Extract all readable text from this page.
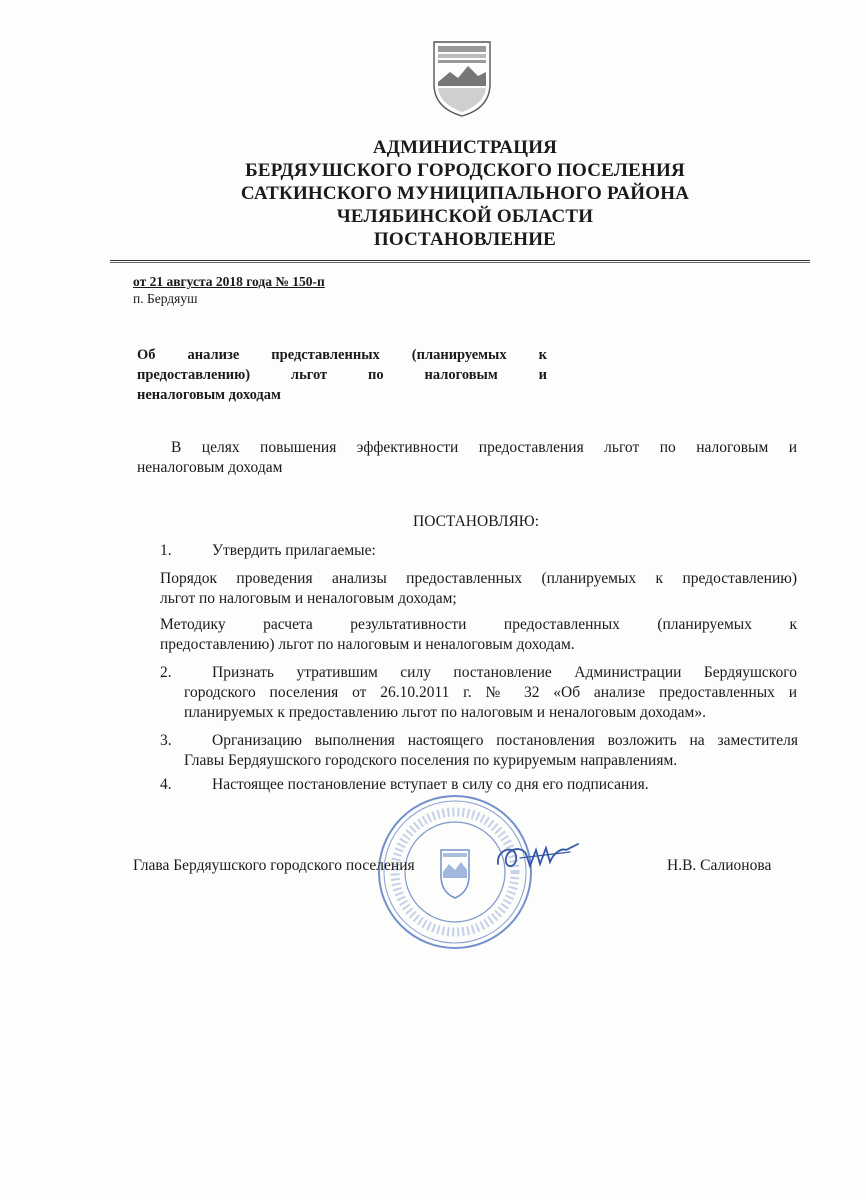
АДМИНИСТРАЦИЯ
БЕРДЯУШСКОГО ГОРОДСКОГО ПОСЕЛЕНИЯ
САТКИНСКОГО МУНИЦИПАЛЬНОГО РАЙОНА
ЧЕЛЯБИНСКОЙ ОБЛАСТИ
ПОСТАНОВЛЕНИЕ
от 21 августа 2018 года № 150-п
п. Бердяуш
Об анализе представленных (планируемых к
предоставлению) льгот по налоговым и
неналоговым доходам
В целях повышения эффективности предоставления льгот по налоговым и
неналоговым доходам
ПОСТАНОВЛЯЮ:
1.	Утвердить прилагаемые:
Порядок проведения анализы предоставленных (планируемых к предоставлению)
льгот по налоговым и неналоговым доходам;
Методику расчета результативности предоставленных (планируемых к
предоставлению) льгот по налоговым и неналоговым доходам.
2.	Признать утратившим силу постановление Администрации Бердяушского
городского поселения от 26.10.2011 г. № 32 «Об анализе предоставленных и
планируемых к предоставлению льгот по налоговым и неналоговым доходам».
3.	Организацию выполнения настоящего постановления возложить на заместителя
Главы Бердяушского городского поселения по курируемым направлениям.
4.	Настоящее постановление вступает в силу со дня его подписания.
Глава Бердяушского городского поселения	Н.В. Салионова
